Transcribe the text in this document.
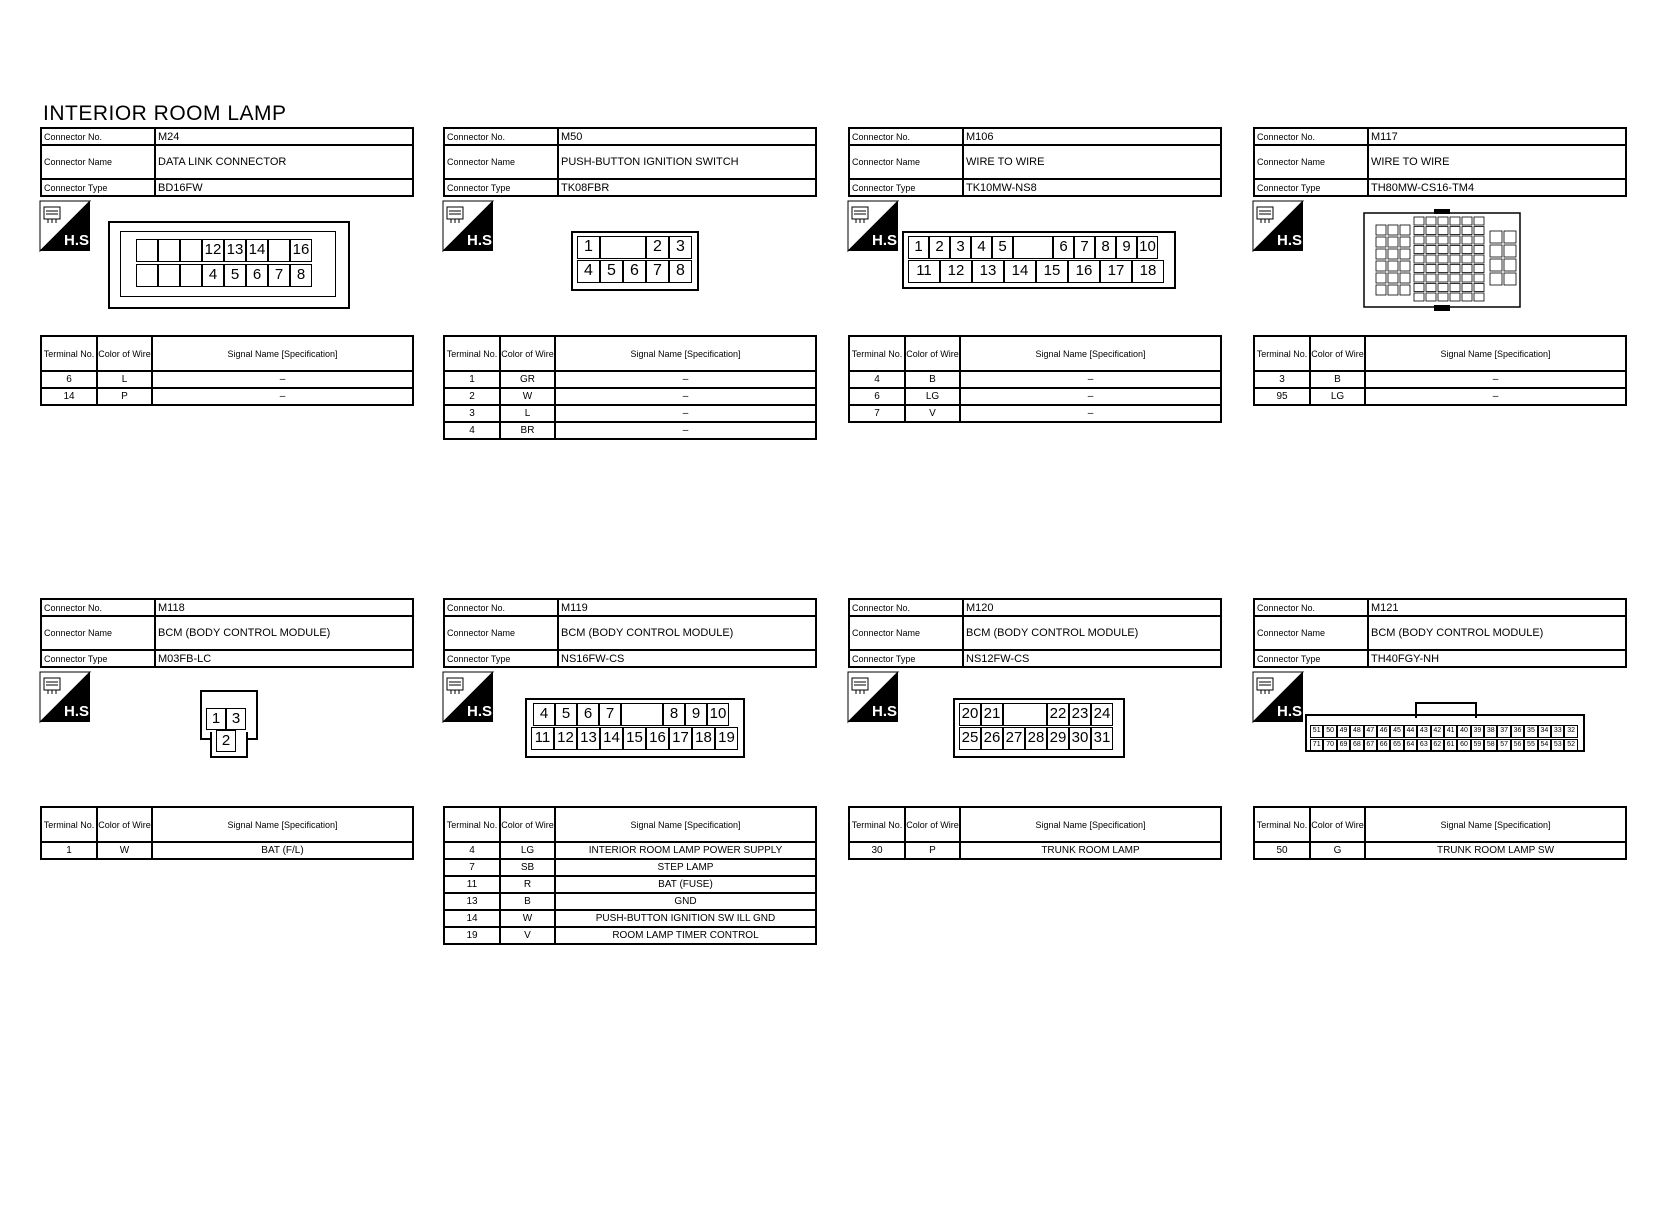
INTERIOR ROOM LAMP
Connector No.	M24
Connector Name	DATA LINK CONNECTOR
Connector Type	BD16FW
H.S.
12 13 14 16
4 5 6 7 8
Terminal No.	Color of Wire	Signal Name [Specification]
6	L	–
14	P	–
Connector No.	M50
Connector Name	PUSH-BUTTON IGNITION SWITCH
Connector Type	TK08FBR
H.S.	1	2 3
4 5 6 7 8
Terminal No.	Color of Wire	Signal Name [Specification]
1	GR	–
2	W	–
3	L	–
4	BR	–
Connector No.	M106
Connector Name	WIRE TO WIRE
Connector Type	TK10MW-NS8
H.S. 1 2 3 4 5	6 7 8 9 10
11	12	13	14	15	16	17	18
Terminal No.	Color of Wire	Signal Name [Specification]
4	B	–
6	LG	–
7	V	–
Connector No.	M117
Connector Name	WIRE TO WIRE
Connector Type	TH80MW-CS16-TM4
H.S.
Terminal No.	Color of Wire	Signal Name [Specification]
3	B	–
95	LG	–
Connector No.	M118
Connector Name	BCM (BODY CONTROL MODULE)
Connector Type	M03FB-LC
H.S.	1 3
2
Terminal No.	Color of Wire	Signal Name [Specification]
1	W	BAT (F/L)
Connector No.	M119
Connector Name	BCM (BODY CONTROL MODULE)
Connector Type	NS16FW-CS
H.S.	4 5 6 7	8 9 10
11 12 13 14 15 16 17 18 19
Terminal No.	Color of Wire	Signal Name [Specification]
4	LG	INTERIOR ROOM LAMP POWER SUPPLY
7	SB	STEP LAMP
11	R	BAT (FUSE)
13	B	GND
14	W	PUSH-BUTTON IGNITION SW ILL GND
19	V	ROOM LAMP TIMER CONTROL
Connector No.	M120
Connector Name	BCM (BODY CONTROL MODULE)
Connector Type	NS12FW-CS
H.S.	20 21	22 23 24
25 26 27 28 29 30 31
Terminal No.	Color of Wire	Signal Name [Specification]
30	P	TRUNK ROOM LAMP
Connector No.	M121
Connector Name	BCM (BODY CONTROL MODULE)
Connector Type	TH40FGY-NH
H.S.
51 50 49 48 47 46 45 44 43 42 41 40 39 38 37 36 35 34 33 32
71 70 69 68 67 66 65 64 63 62 61 60 59 58 57 56 55 54 53 52
Terminal No.	Color of Wire	Signal Name [Specification]
50	G	TRUNK ROOM LAMP SW
